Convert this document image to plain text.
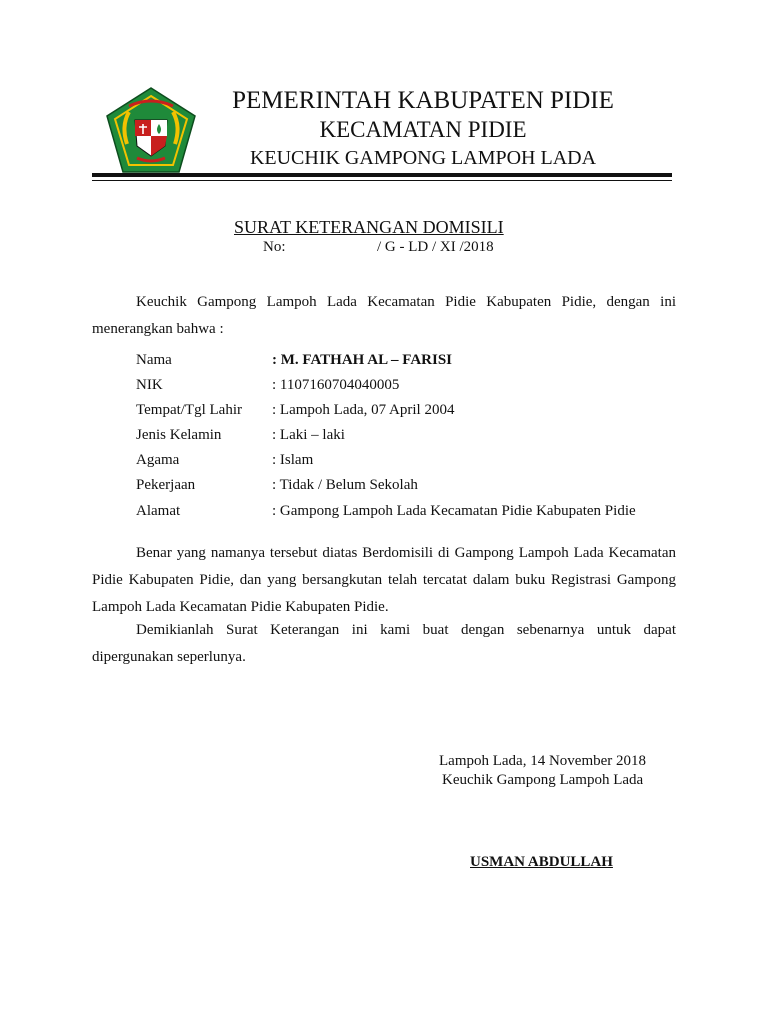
PEMERINTAH KABUPATEN PIDIE
KECAMATAN PIDIE
KEUCHIK GAMPONG LAMPOH LADA
SURAT KETERANGAN DOMISILI
No:	/ G - LD / XI /2018
Keuchik Gampong Lampoh Lada Kecamatan Pidie Kabupaten Pidie, dengan ini menerangkan bahwa :
Nama	: M. FATHAH AL – FARISI
NIK	: 1107160704040005
Tempat/Tgl Lahir : Lampoh Lada, 07 April 2004
Jenis Kelamin	: Laki – laki
Agama	: Islam
Pekerjaan	: Tidak / Belum Sekolah
Alamat	: Gampong Lampoh Lada Kecamatan Pidie Kabupaten Pidie
Benar yang namanya tersebut diatas Berdomisili di Gampong Lampoh Lada Kecamatan Pidie Kabupaten Pidie, dan yang bersangkutan telah tercatat dalam buku Registrasi Gampong Lampoh Lada Kecamatan Pidie Kabupaten Pidie.
Demikianlah Surat Keterangan ini kami buat dengan sebenarnya untuk dapat dipergunakan seperlunya.
Lampoh Lada, 14 November 2018
Keuchik Gampong Lampoh Lada
USMAN ABDULLAH
